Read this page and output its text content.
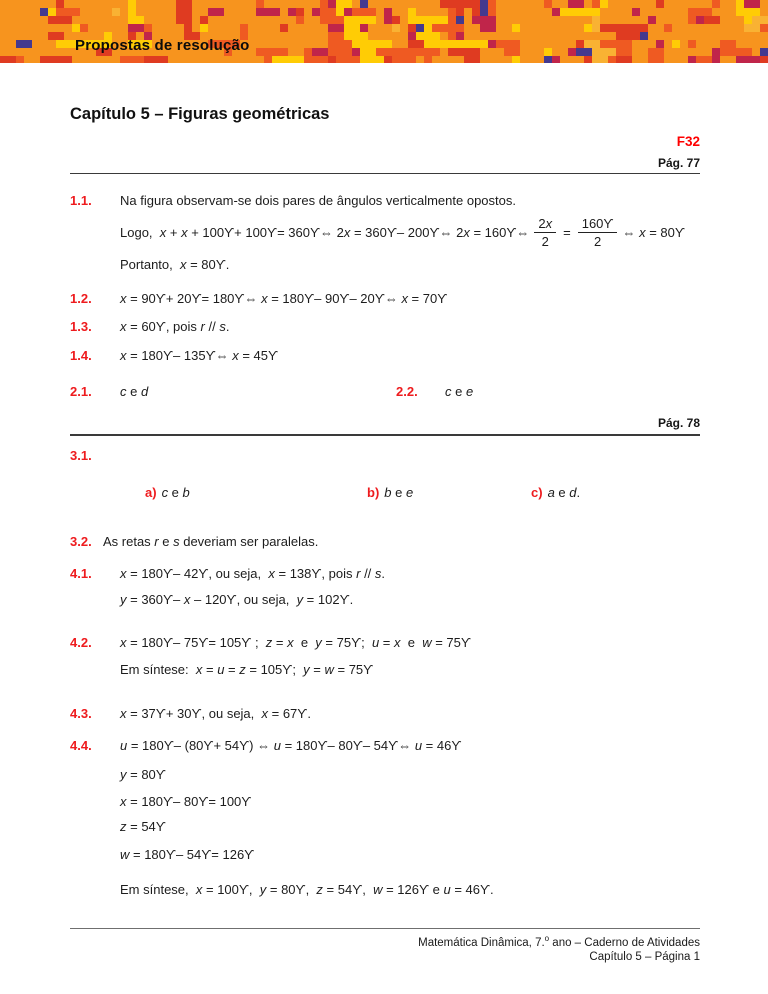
Propostas de resolução
Capítulo 5 – Figuras geométricas
F32
Pág. 77
1.1.	Na figura observam-se dois pares de ângulos verticalmente opostos.

Logo,  x + x + 100ϒ+ 100ϒ= 360ϒ⇔ 2x = 360ϒ– 200ϒ⇔ 2x = 160ϒ⇔ $\frac{2x}{2} = \frac{160ϒ}{2}$ ⇔ x = 80ϒ

Portanto,  x = 80ϒ.

1.2.	x = 90ϒ+ 20ϒ= 180ϒ⇔ x = 180ϒ– 90ϒ– 20ϒ⇔ x = 70ϒ

1.3.	x = 60ϒ, pois r // s.

1.4.	x = 180ϒ– 135ϒ⇔ x = 45ϒ

2.1.	c e d	2.2.	c e e

Pág. 78
3.1.
a) c e b	b) b e e	c) a e d.
3.2. As retas r e s deveriam ser paralelas.

4.1.	x = 180ϒ– 42ϒ, ou seja,  x = 138ϒ, pois r // s.

y = 360ϒ– x – 120ϒ, ou seja,  y = 102ϒ.

4.2.	x = 180ϒ– 75ϒ= 105ϒ ;  z = x  e  y = 75ϒ;  u = x  e  w = 75ϒ

Em síntese:  x = u = z = 105ϒ;  y = w = 75ϒ

4.3.	x = 37ϒ+ 30ϒ, ou seja,  x = 67ϒ.

4.4.	u = 180ϒ– (80ϒ+ 54ϒ) ⇔ u = 180ϒ– 80ϒ– 54ϒ⇔ u = 46ϒ

y = 80ϒ

x = 180ϒ– 80ϒ= 100ϒ

z = 54ϒ

w = 180ϒ– 54ϒ= 126ϒ

Em síntese,  x = 100ϒ,  y = 80ϒ,  z = 54ϒ,  w = 126ϒ e u = 46ϒ.

Matemática Dinâmica, 7.$^o$ ano – Caderno de Atividades
Capítulo 5 – Página 1
